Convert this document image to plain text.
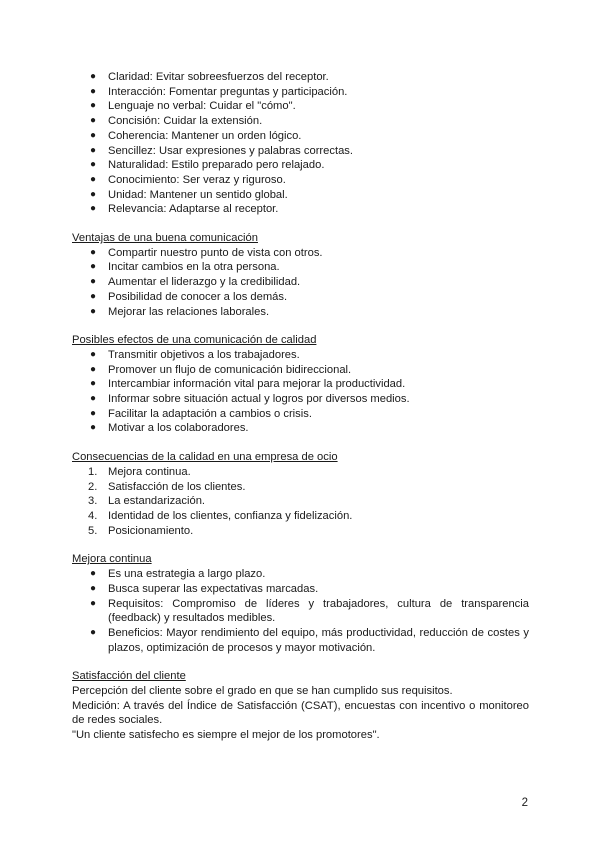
● Claridad: Evitar sobreesfuerzos del receptor.
● Interacción: Fomentar preguntas y participación.
● Lenguaje no verbal: Cuidar el "cómo".
● Concisión: Cuidar la extensión.
● Coherencia: Mantener un orden lógico.
● Sencillez: Usar expresiones y palabras correctas.
● Naturalidad: Estilo preparado pero relajado.
● Conocimiento: Ser veraz y riguroso.
● Unidad: Mantener un sentido global.
● Relevancia: Adaptarse al receptor.
Ventajas de una buena comunicación
● Compartir nuestro punto de vista con otros.
● Incitar cambios en la otra persona.
● Aumentar el liderazgo y la credibilidad.
● Posibilidad de conocer a los demás.
● Mejorar las relaciones laborales.
Posibles efectos de una comunicación de calidad
● Transmitir objetivos a los trabajadores.
● Promover un flujo de comunicación bidireccional.
● Intercambiar información vital para mejorar la productividad.
● Informar sobre situación actual y logros por diversos medios.
● Facilitar la adaptación a cambios o crisis.
● Motivar a los colaboradores.
Consecuencias de la calidad en una empresa de ocio
1. Mejora continua.
2. Satisfacción de los clientes.
3. La estandarización.
4. Identidad de los clientes, confianza y fidelización.
5. Posicionamiento.
Mejora continua
● Es una estrategia a largo plazo.
● Busca superar las expectativas marcadas.
● Requisitos: Compromiso de líderes y trabajadores, cultura de transparencia (feedback) y resultados medibles.
● Beneficios: Mayor rendimiento del equipo, más productividad, reducción de costes y plazos, optimización de procesos y mayor motivación.
Satisfacción del cliente

Percepción del cliente sobre el grado en que se han cumplido sus requisitos.

Medición: A través del Índice de Satisfacción (CSAT), encuestas con incentivo o monitoreo de redes sociales.

"Un cliente satisfecho es siempre el mejor de los promotores".

2
